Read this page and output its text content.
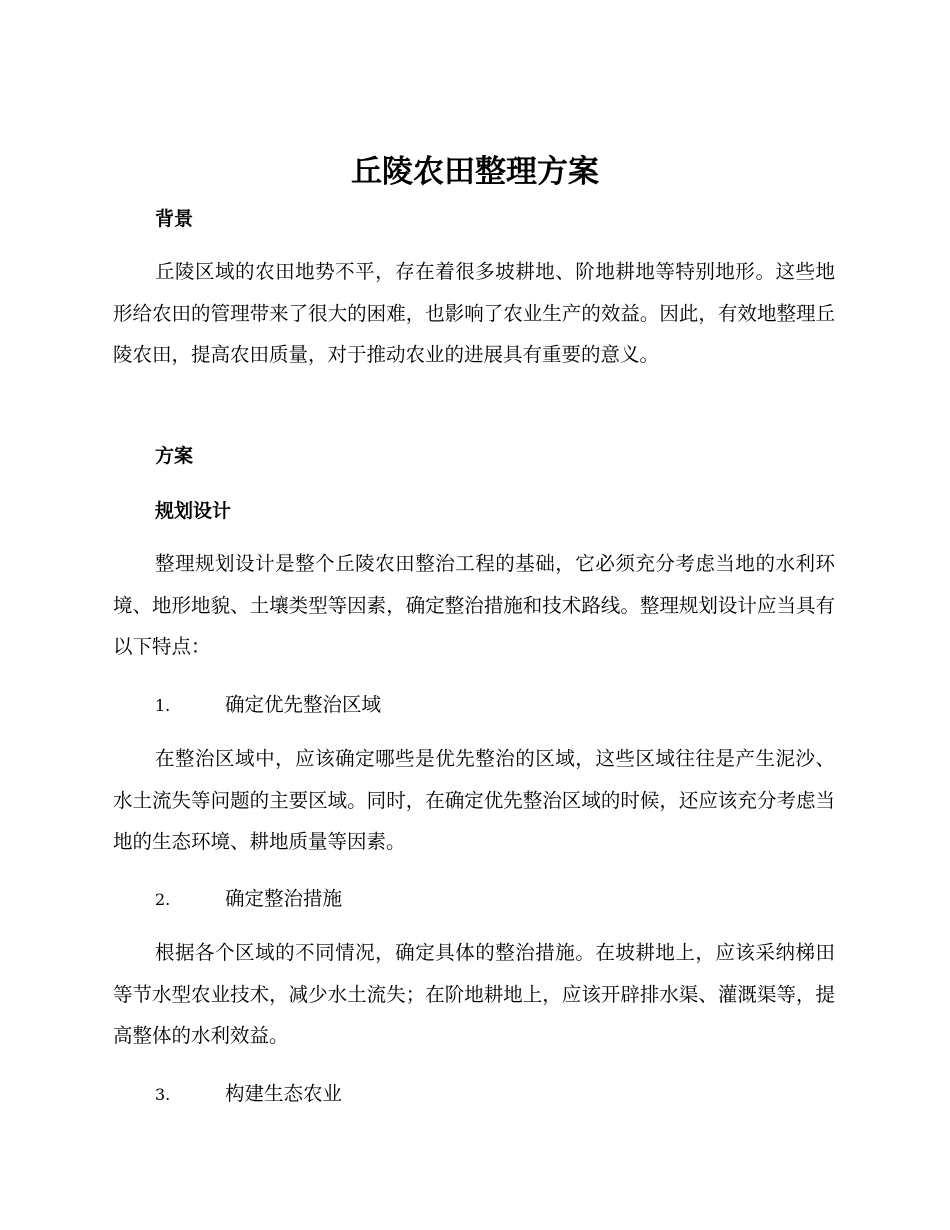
丘陵农田整理方案
背景

丘陵区域的农田地势不平，存在着很多坡耕地、阶地耕地等特别地形。这些地形给农田的管理带来了很大的困难，也影响了农业生产的效益。因此，有效地整理丘陵农田，提高农田质量，对于推动农业的进展具有重要的意义。

方案
规划设计

整理规划设计是整个丘陵农田整治工程的基础，它必须充分考虑当地的水利环境、地形地貌、土壤类型等因素，确定整治措施和技术路线。整理规划设计应当具有以下特点：

1.	确定优先整治区域

在整治区域中，应该确定哪些是优先整治的区域，这些区域往往是产生泥沙、水土流失等问题的主要区域。同时，在确定优先整治区域的时候，还应该充分考虑当地的生态环境、耕地质量等因素。

2.	确定整治措施

根据各个区域的不同情况，确定具体的整治措施。在坡耕地上，应该采纳梯田等节水型农业技术，减少水土流失；在阶地耕地上，应该开辟排水渠、灌溉渠等，提高整体的水利效益。

3.	构建生态农业
